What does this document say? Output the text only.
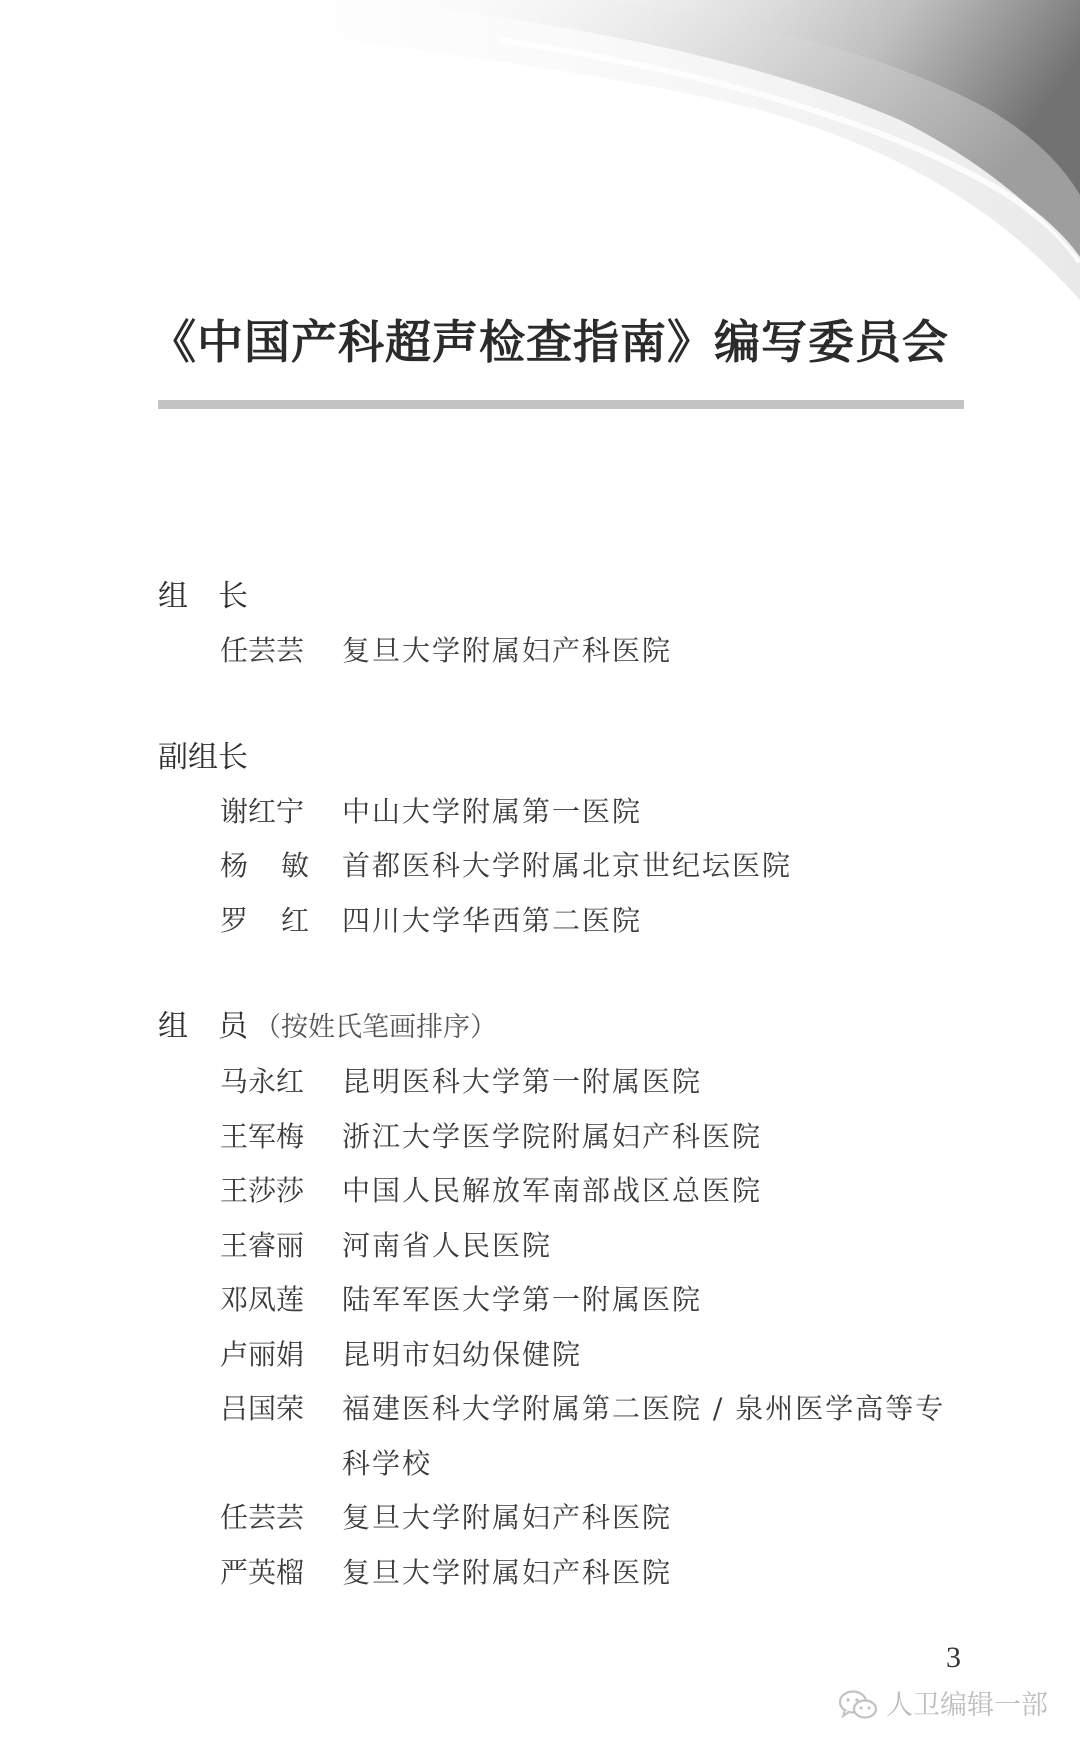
《中国产科超声检查指南》编写委员会
组　长
任芸芸	复旦大学附属妇产科医院
副组长
谢红宁	中山大学附属第一医院
杨敏 首都医科大学附属北京世纪坛医院
罗红 四川大学华西第二医院
组　员 （按姓氏笔画排序）
马永红	昆明医科大学第一附属医院
王军梅	浙江大学医学院附属妇产科医院
王莎莎	中国人民解放军南部战区总医院
王睿丽	河南省人民医院
邓凤莲	陆军军医大学第一附属医院
卢丽娟	昆明市妇幼保健院
吕国荣	福建医科大学附属第二医院 / 泉州医学高等专科学校
任芸芸	复旦大学附属妇产科医院
严英榴	复旦大学附属妇产科医院
3
人卫编辑一部
